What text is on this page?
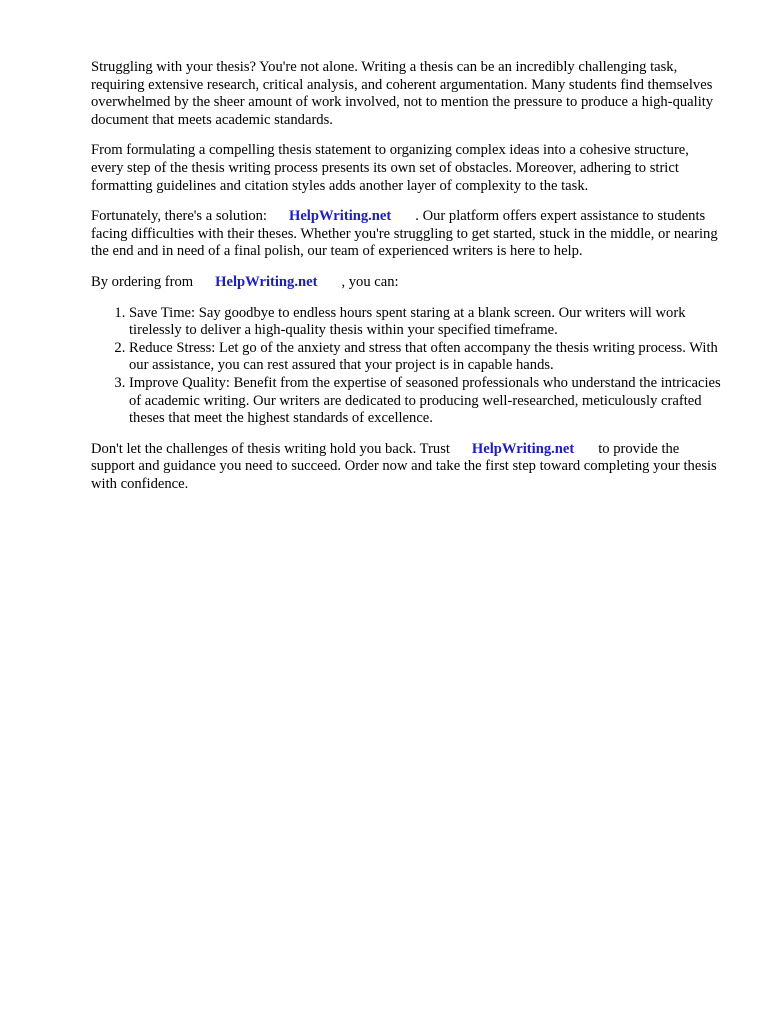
Struggling with your thesis? You're not alone. Writing a thesis can be an incredibly challenging task, requiring extensive research, critical analysis, and coherent argumentation. Many students find themselves overwhelmed by the sheer amount of work involved, not to mention the pressure to produce a high-quality document that meets academic standards.

From formulating a compelling thesis statement to organizing complex ideas into a cohesive structure, every step of the thesis writing process presents its own set of obstacles. Moreover, adhering to strict formatting guidelines and citation styles adds another layer of complexity to the task.

Fortunately, there's a solution: HelpWriting.net . Our platform offers expert assistance to students facing difficulties with their theses. Whether you're struggling to get started, stuck in the middle, or nearing the end and in need of a final polish, our team of experienced writers is here to help.

By ordering from HelpWriting.net , you can:

1. Save Time: Say goodbye to endless hours spent staring at a blank screen. Our writers will work tirelessly to deliver a high-quality thesis within your specified timeframe.
2. Reduce Stress: Let go of the anxiety and stress that often accompany the thesis writing process. With our assistance, you can rest assured that your project is in capable hands.
3. Improve Quality: Benefit from the expertise of seasoned professionals who understand the intricacies of academic writing. Our writers are dedicated to producing well-researched, meticulously crafted theses that meet the highest standards of excellence.

Don't let the challenges of thesis writing hold you back. Trust HelpWriting.net to provide the support and guidance you need to succeed. Order now and take the first step toward completing your thesis with confidence.
